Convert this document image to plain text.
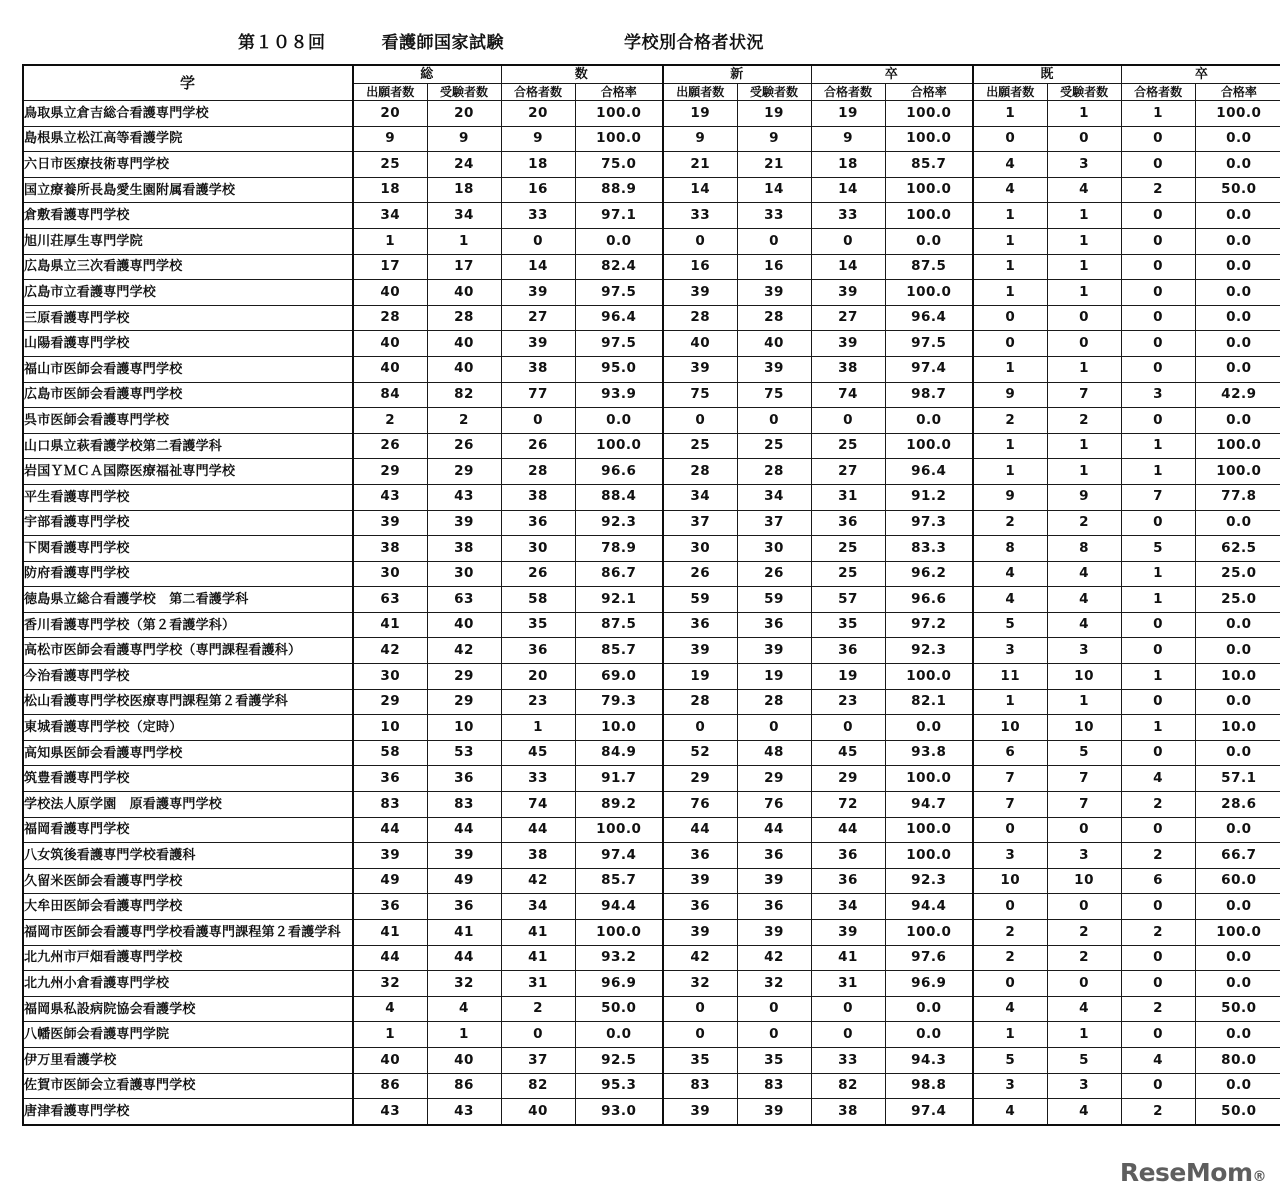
第１０８回	看護師国家試験	学校別合格者状況
学	総		数		新		卒		既		卒	
	出願者数	受験者数	合格者数	合格率	出願者数	受験者数	合格者数	合格率	出願者数	受験者数	合格者数	合格率
鳥取県立倉吉総合看護専門学校	20	20	20	100.0	19	19	19	100.0	1	1	1	100.0
島根県立松江高等看護学院	9	9	9	100.0	9	9	9	100.0	0	0	0	0.0
六日市医療技術専門学校	25	24	18	75.0	21	21	18	85.7	4	3	0	0.0
国立療養所長島愛生園附属看護学校	18	18	16	88.9	14	14	14	100.0	4	4	2	50.0
倉敷看護専門学校	34	34	33	97.1	33	33	33	100.0	1	1	0	0.0
旭川荘厚生専門学院	1	1	0	0.0	0	0	0	0.0	1	1	0	0.0
広島県立三次看護専門学校	17	17	14	82.4	16	16	14	87.5	1	1	0	0.0
広島市立看護専門学校	40	40	39	97.5	39	39	39	100.0	1	1	0	0.0
三原看護専門学校	28	28	27	96.4	28	28	27	96.4	0	0	0	0.0
山陽看護専門学校	40	40	39	97.5	40	40	39	97.5	0	0	0	0.0
福山市医師会看護専門学校	40	40	38	95.0	39	39	38	97.4	1	1	0	0.0
広島市医師会看護専門学校	84	82	77	93.9	75	75	74	98.7	9	7	3	42.9
呉市医師会看護専門学校	2	2	0	0.0	0	0	0	0.0	2	2	0	0.0
山口県立萩看護学校第二看護学科	26	26	26	100.0	25	25	25	100.0	1	1	1	100.0
岩国ＹＭＣＡ国際医療福祉専門学校	29	29	28	96.6	28	28	27	96.4	1	1	1	100.0
平生看護専門学校	43	43	38	88.4	34	34	31	91.2	9	9	7	77.8
宇部看護専門学校	39	39	36	92.3	37	37	36	97.3	2	2	0	0.0
下関看護専門学校	38	38	30	78.9	30	30	25	83.3	8	8	5	62.5
防府看護専門学校	30	30	26	86.7	26	26	25	96.2	4	4	1	25.0
徳島県立総合看護学校　第二看護学科	63	63	58	92.1	59	59	57	96.6	4	4	1	25.0
香川看護専門学校（第２看護学科）	41	40	35	87.5	36	36	35	97.2	5	4	0	0.0
高松市医師会看護専門学校（専門課程看護科）	42	42	36	85.7	39	39	36	92.3	3	3	0	0.0
今治看護専門学校	30	29	20	69.0	19	19	19	100.0	11	10	1	10.0
松山看護専門学校医療専門課程第２看護学科	29	29	23	79.3	28	28	23	82.1	1	1	0	0.0
東城看護専門学校（定時）	10	10	1	10.0	0	0	0	0.0	10	10	1	10.0
高知県医師会看護専門学校	58	53	45	84.9	52	48	45	93.8	6	5	0	0.0
筑豊看護専門学校	36	36	33	91.7	29	29	29	100.0	7	7	4	57.1
学校法人原学園　原看護専門学校	83	83	74	89.2	76	76	72	94.7	7	7	2	28.6
福岡看護専門学校	44	44	44	100.0	44	44	44	100.0	0	0	0	0.0
八女筑後看護専門学校看護科	39	39	38	97.4	36	36	36	100.0	3	3	2	66.7
久留米医師会看護専門学校	49	49	42	85.7	39	39	36	92.3	10	10	6	60.0
大牟田医師会看護専門学校	36	36	34	94.4	36	36	34	94.4	0	0	0	0.0
福岡市医師会看護専門学校看護専門課程第２看護学科	41	41	41	100.0	39	39	39	100.0	2	2	2	100.0
北九州市戸畑看護専門学校	44	44	41	93.2	42	42	41	97.6	2	2	0	0.0
北九州小倉看護専門学校	32	32	31	96.9	32	32	31	96.9	0	0	0	0.0
福岡県私設病院協会看護学校	4	4	2	50.0	0	0	0	0.0	4	4	2	50.0
八幡医師会看護専門学院	1	1	0	0.0	0	0	0	0.0	1	1	0	0.0
伊万里看護学校	40	40	37	92.5	35	35	33	94.3	5	5	4	80.0
佐賀市医師会立看護専門学校	86	86	82	95.3	83	83	82	98.8	3	3	0	0.0
唐津看護専門学校	43	43	40	93.0	39	39	38	97.4	4	4	2	50.0
ReseMom®
